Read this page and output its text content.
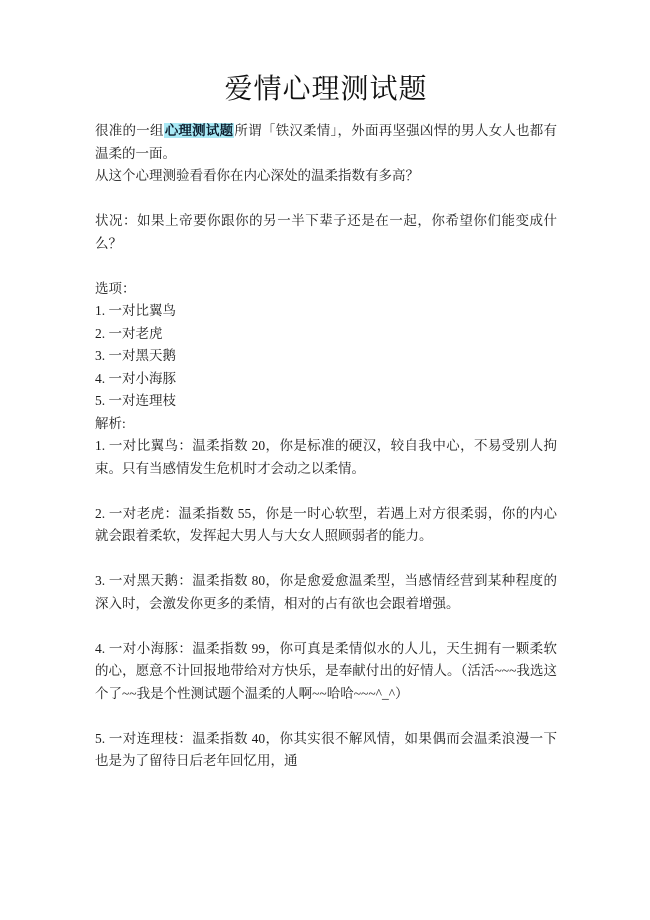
爱情心理测试题

很准的一组心理测试题所谓「铁汉柔情」，外面再坚强凶悍的男人女人也都有温柔的一面。

从这个心理测验看看你在内心深处的温柔指数有多高？

状况：如果上帝要你跟你的另一半下辈子还是在一起，你希望你们能变成什么？

选项：

1. 一对比翼鸟

2. 一对老虎

3. 一对黑天鹅

4. 一对小海豚

5. 一对连理枝

解析:

1. 一对比翼鸟：温柔指数 20，你是标准的硬汉，较自我中心，不易受别人拘束。只有当感情发生危机时才会动之以柔情。

2. 一对老虎：温柔指数 55，你是一时心软型，若遇上对方很柔弱，你的内心就会跟着柔软，发挥起大男人与大女人照顾弱者的能力。

3. 一对黑天鹅：温柔指数 80，你是愈爱愈温柔型，当感情经营到某种程度的深入时，会激发你更多的柔情，相对的占有欲也会跟着增强。

4. 一对小海豚：温柔指数 99，你可真是柔情似水的人儿，天生拥有一颗柔软的心，愿意不计回报地带给对方快乐，是奉献付出的好情人。（活活~~~我选这个了~~我是个性测试题个温柔的人啊~~哈哈~~~^_^）

5. 一对连理枝：温柔指数 40，你其实很不解风情，如果偶而会温柔浪漫一下也是为了留待日后老年回忆用，通
